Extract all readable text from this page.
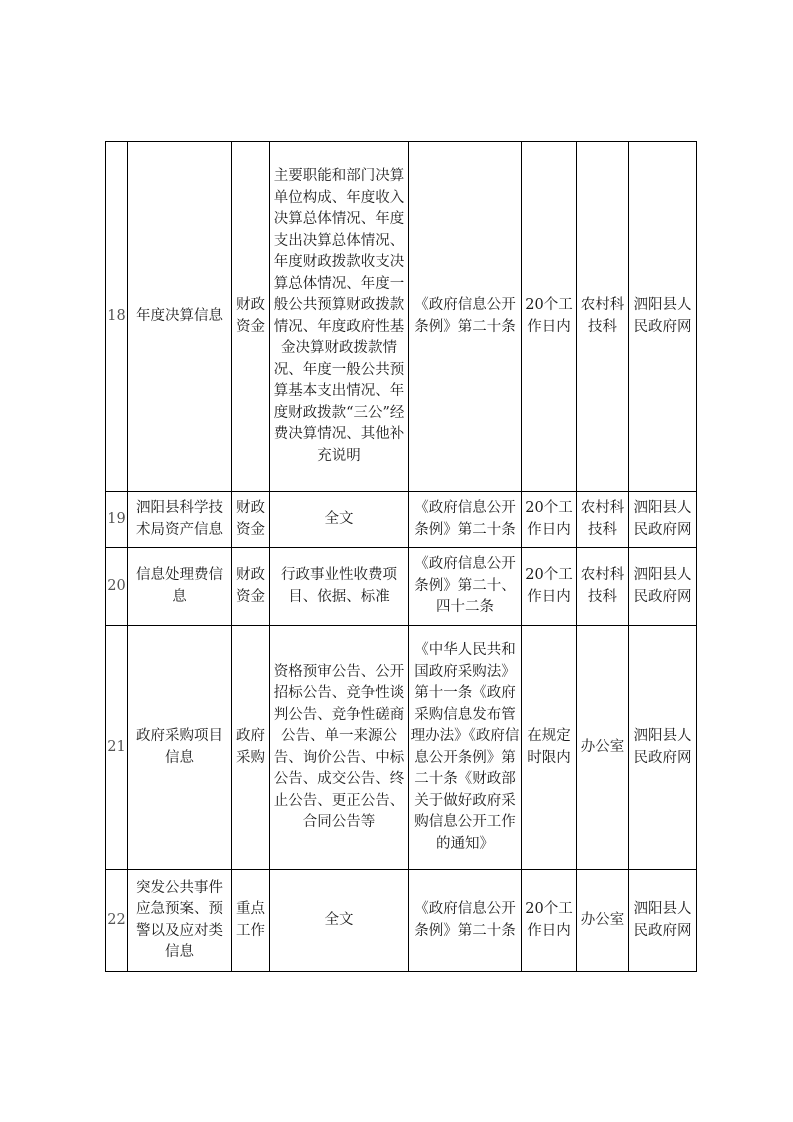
18	年度决算信息	财政资金	主要职能和部门决算单位构成、年度收入决算总体情况、年度支出决算总体情况、年度财政拨款收支决算总体情况、年度一般公共预算财政拨款情况、年度政府性基金决算财政拨款情况、年度一般公共预算基本支出情况、年度财政拨款“三公”经费决算情况、其他补充说明	《政府信息公开条例》第二十条	20个工作日内	农村科技科	泗阳县人民政府网
19	泗阳县科学技术局资产信息	财政资金	全文	《政府信息公开条例》第二十条	20个工作日内	农村科技科	泗阳县人民政府网
20	信息处理费信息	财政资金	行政事业性收费项目、依据、标准	《政府信息公开条例》第二十、四十二条	20个工作日内	农村科技科	泗阳县人民政府网
21	政府采购项目信息	政府采购	资格预审公告、公开招标公告、竞争性谈判公告、竞争性磋商公告、单一来源公告、询价公告、中标公告、成交公告、终止公告、更正公告、合同公告等	《中华人民共和国政府采购法》第十一条《政府采购信息发布管理办法》《政府信息公开条例》第二十条《财政部关于做好政府采购信息公开工作的通知》	在规定时限内	办公室	泗阳县人民政府网
22	突发公共事件应急预案、预警以及应对类信息	重点工作	全文	《政府信息公开条例》第二十条	20个工作日内	办公室	泗阳县人民政府网
